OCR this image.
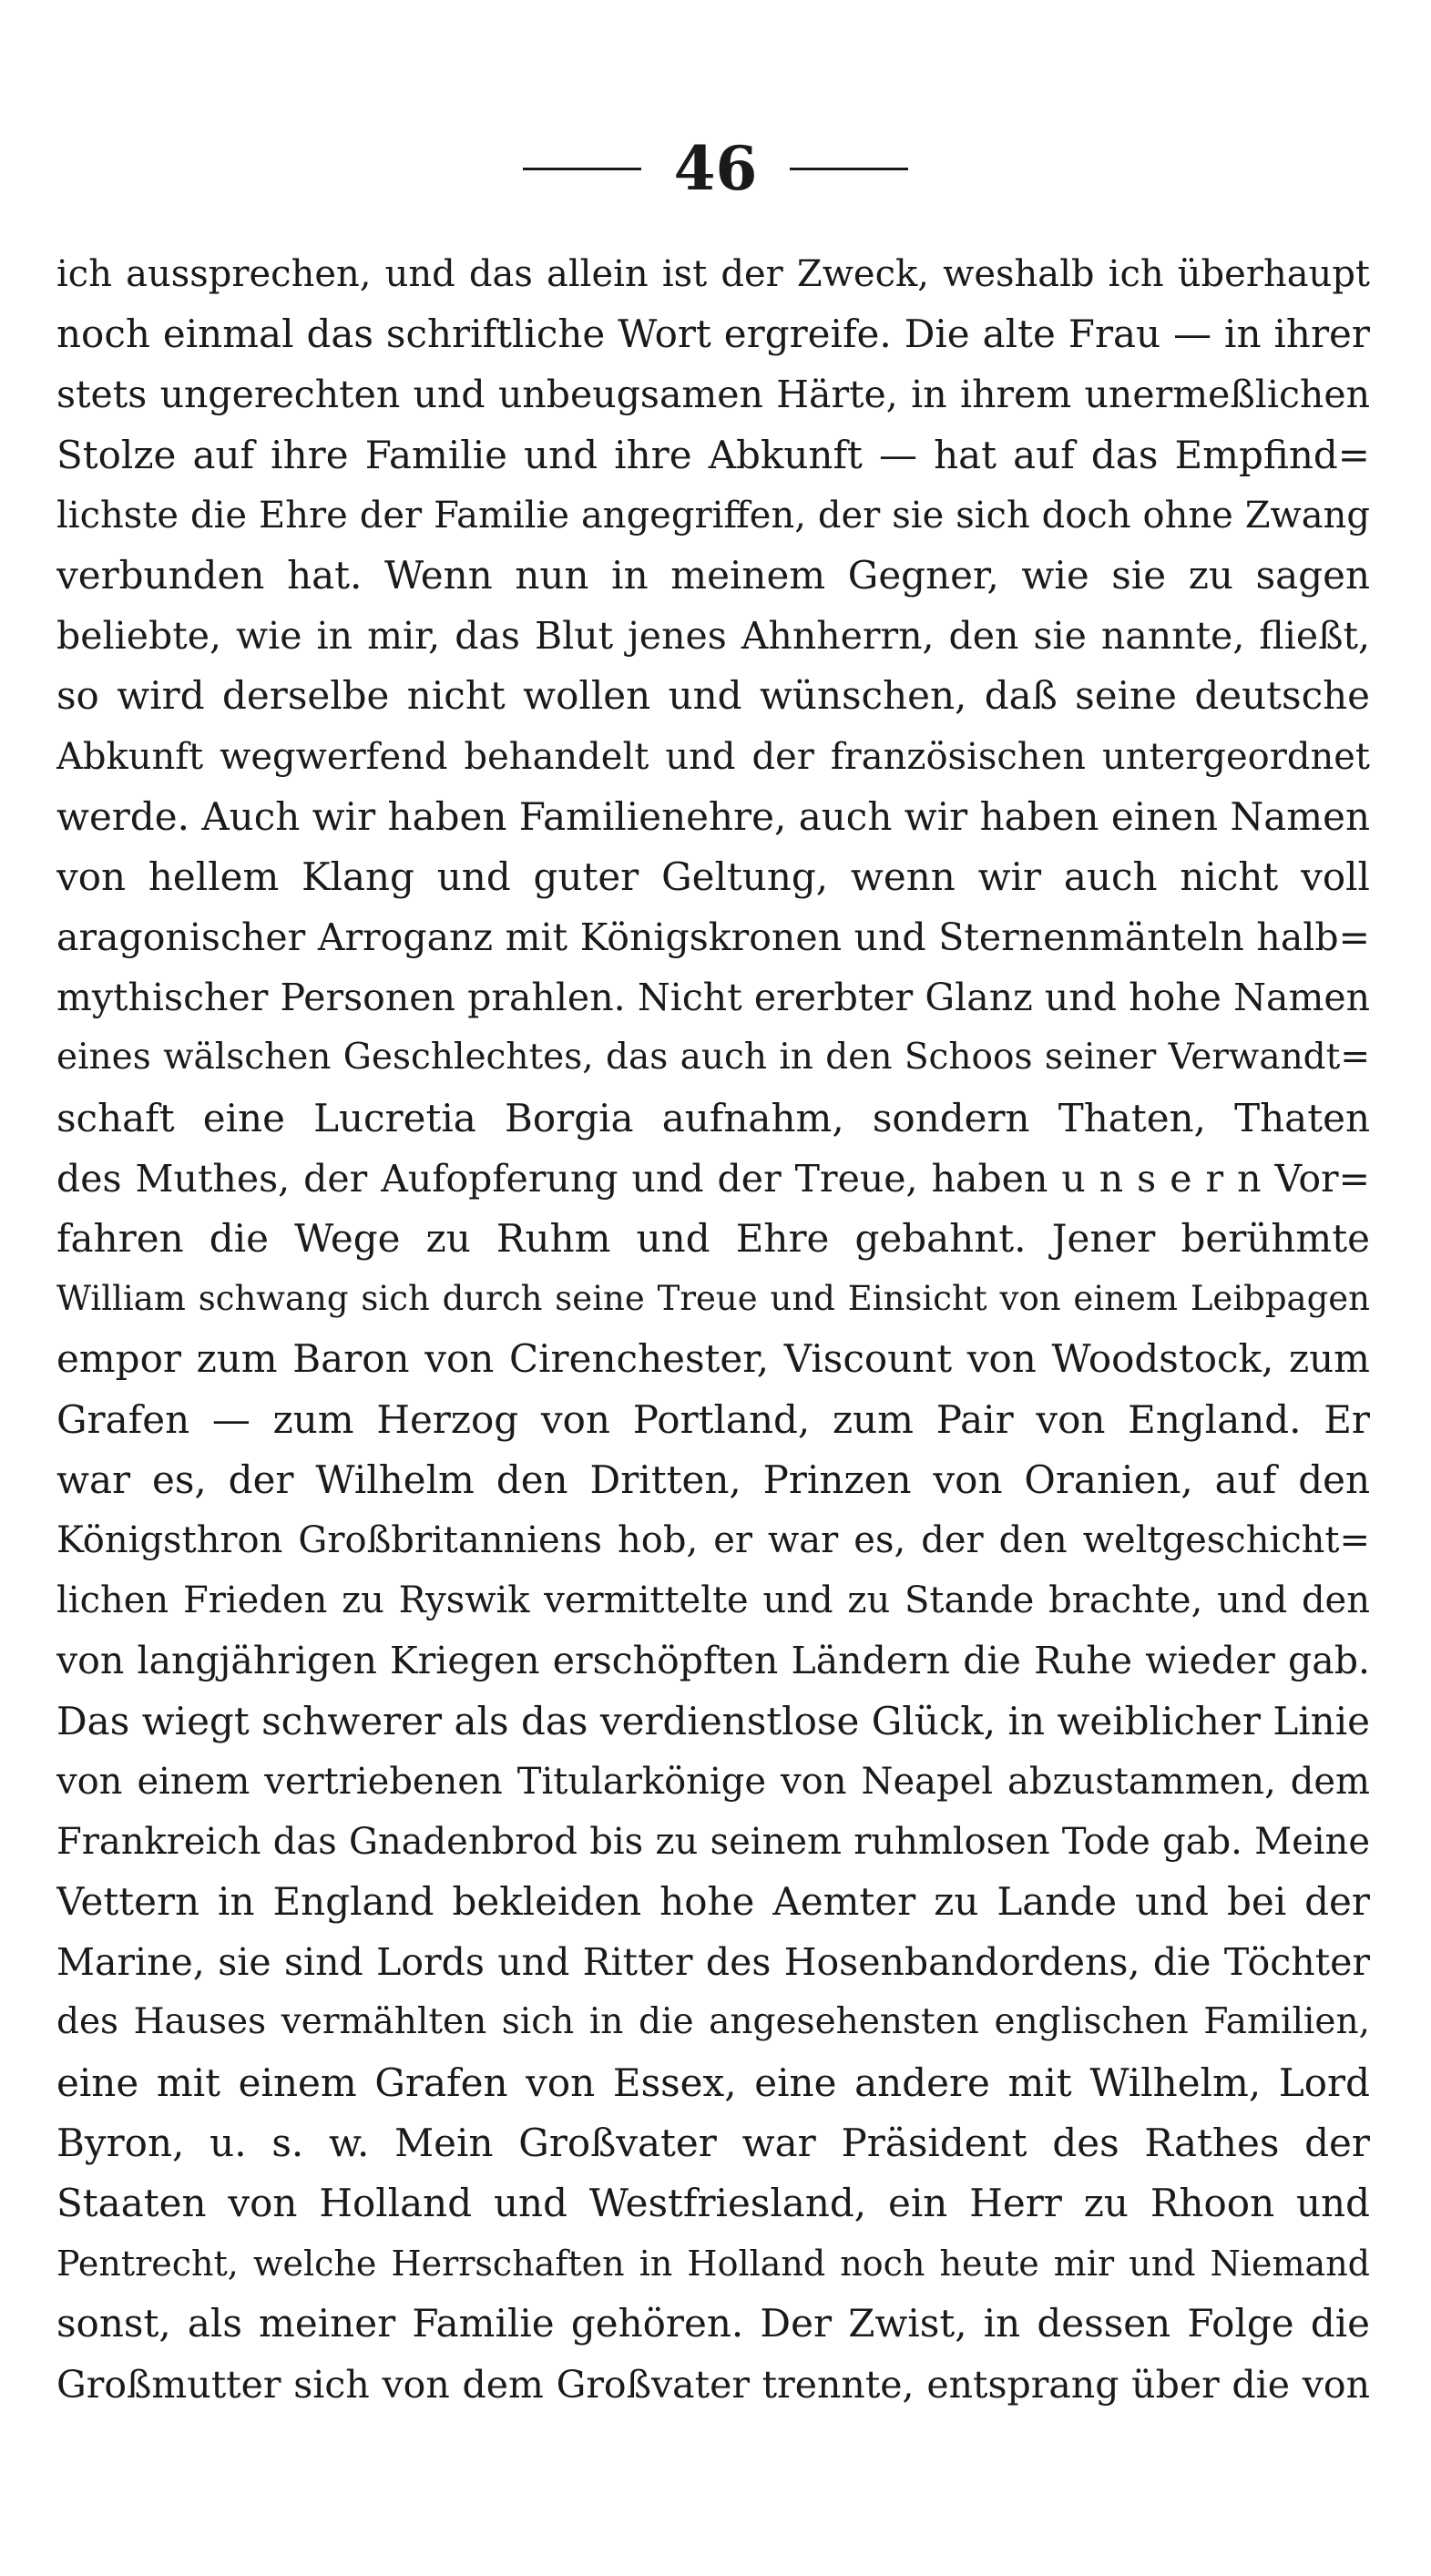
46
ich aussprechen, und das allein ist der Zweck, weshalb ich überhaupt
noch einmal das schriftliche Wort ergreife. Die alte Frau — in ihrer
stets ungerechten und unbeugsamen Härte, in ihrem unermeßlichen
Stolze auf ihre Familie und ihre Abkunft — hat auf das Empfind=
lichste die Ehre der Familie angegriffen, der sie sich doch ohne Zwang
verbunden hat. Wenn nun in meinem Gegner, wie sie zu sagen
beliebte, wie in mir, das Blut jenes Ahnherrn, den sie nannte, fließt,
so wird derselbe nicht wollen und wünschen, daß seine deutsche
Abkunft wegwerfend behandelt und der französischen untergeordnet
werde. Auch wir haben Familienehre, auch wir haben einen Namen
von hellem Klang und guter Geltung, wenn wir auch nicht voll
aragonischer Arroganz mit Königskronen und Sternenmänteln halb=
mythischer Personen prahlen. Nicht ererbter Glanz und hohe Namen
eines wälschen Geschlechtes, das auch in den Schoos seiner Verwandt=
schaft eine Lucretia Borgia aufnahm, sondern Thaten, Thaten
des Muthes, der Aufopferung und der Treue, haben u n s e r n Vor=
fahren die Wege zu Ruhm und Ehre gebahnt. Jener berühmte
William schwang sich durch seine Treue und Einsicht von einem Leibpagen
empor zum Baron von Cirenchester, Viscount von Woodstock, zum
Grafen — zum Herzog von Portland, zum Pair von England. Er
war es, der Wilhelm den Dritten, Prinzen von Oranien, auf den
Königsthron Großbritanniens hob, er war es, der den weltgeschicht=
lichen Frieden zu Ryswik vermittelte und zu Stande brachte, und den
von langjährigen Kriegen erschöpften Ländern die Ruhe wieder gab.
Das wiegt schwerer als das verdienstlose Glück, in weiblicher Linie
von einem vertriebenen Titularkönige von Neapel abzustammen, dem
Frankreich das Gnadenbrod bis zu seinem ruhmlosen Tode gab. Meine
Vettern in England bekleiden hohe Aemter zu Lande und bei der
Marine, sie sind Lords und Ritter des Hosenbandordens, die Töchter
des Hauses vermählten sich in die angesehensten englischen Familien,
eine mit einem Grafen von Essex, eine andere mit Wilhelm, Lord
Byron, u. s. w. Mein Großvater war Präsident des Rathes der
Staaten von Holland und Westfriesland, ein Herr zu Rhoon und
Pentrecht, welche Herrschaften in Holland noch heute mir und Niemand
sonst, als meiner Familie gehören. Der Zwist, in dessen Folge die
Großmutter sich von dem Großvater trennte, entsprang über die von
